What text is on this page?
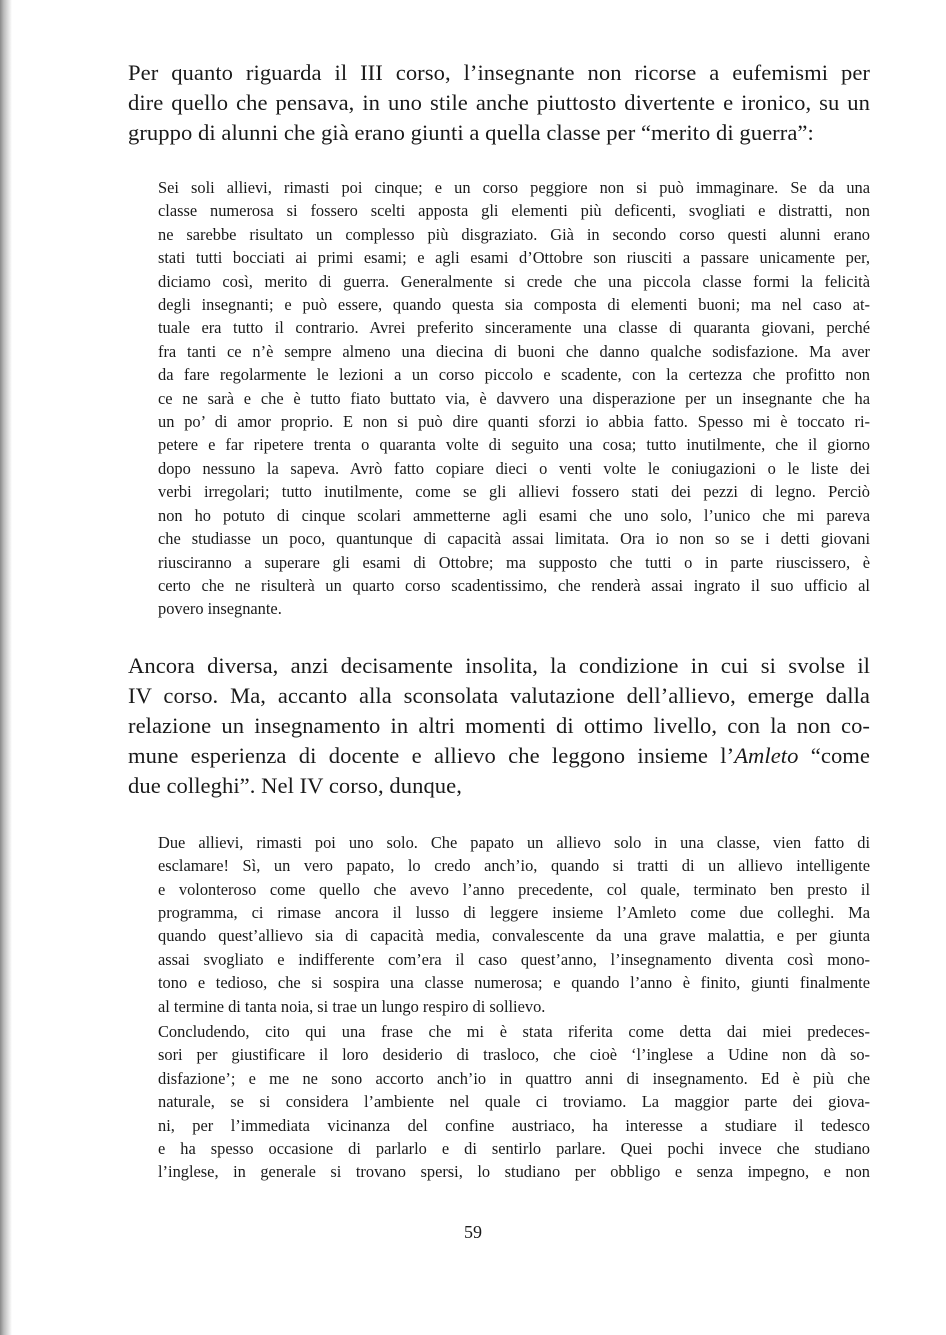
Per quanto riguarda il III corso, l’insegnante non ricorse a eufemismi per
dire quello che pensava, in uno stile anche piuttosto divertente e ironico, su un
gruppo di alunni che già erano giunti a quella classe per “merito di guerra”:

Sei soli allievi, rimasti poi cinque; e un corso peggiore non si può immaginare. Se da una
classe numerosa si fossero scelti apposta gli elementi più deficenti, svogliati e distratti, non
ne sarebbe risultato un complesso più disgraziato. Già in secondo corso questi alunni erano
stati tutti bocciati ai primi esami; e agli esami d’Ottobre son riusciti a passare unicamente per,
diciamo così, merito di guerra. Generalmente si crede che una piccola classe formi la felicità
degli insegnanti; e può essere, quando questa sia composta di elementi buoni; ma nel caso at-
tuale era tutto il contrario. Avrei preferito sinceramente una classe di quaranta giovani, perché
fra tanti ce n’è sempre almeno una diecina di buoni che danno qualche sodisfazione. Ma aver
da fare regolarmente le lezioni a un corso piccolo e scadente, con la certezza che profitto non
ce ne sarà e che è tutto fiato buttato via, è davvero una disperazione per un insegnante che ha
un po’ di amor proprio. E non si può dire quanti sforzi io abbia fatto. Spesso mi è toccato ri-
petere e far ripetere trenta o quaranta volte di seguito una cosa; tutto inutilmente, che il giorno
dopo nessuno la sapeva. Avrò fatto copiare dieci o venti volte le coniugazioni o le liste dei
verbi irregolari; tutto inutilmente, come se gli allievi fossero stati dei pezzi di legno. Perciò
non ho potuto di cinque scolari ammetterne agli esami che uno solo, l’unico che mi pareva
che studiasse un poco, quantunque di capacità assai limitata. Ora io non so se i detti giovani
riusciranno a superare gli esami di Ottobre; ma supposto che tutti o in parte riuscissero, è
certo che ne risulterà un quarto corso scadentissimo, che renderà assai ingrato il suo ufficio al
povero insegnante.

Ancora diversa, anzi decisamente insolita, la condizione in cui si svolse il
IV corso. Ma, accanto alla sconsolata valutazione dell’allievo, emerge dalla
relazione un insegnamento in altri momenti di ottimo livello, con la non co-
mune esperienza di docente e allievo che leggono insieme l’Amleto “come
due colleghi”. Nel IV corso, dunque,

Due allievi, rimasti poi uno solo. Che papato un allievo solo in una classe, vien fatto di
esclamare! Sì, un vero papato, lo credo anch’io, quando si tratti di un allievo intelligente
e volonteroso come quello che avevo l’anno precedente, col quale, terminato ben presto il
programma, ci rimase ancora il lusso di leggere insieme l’Amleto come due colleghi. Ma
quando quest’allievo sia di capacità media, convalescente da una grave malattia, e per giunta
assai svogliato e indifferente com’era il caso quest’anno, l’insegnamento diventa così mono-
tono e tedioso, che si sospira una classe numerosa; e quando l’anno è finito, giunti finalmente
al termine di tanta noia, si trae un lungo respiro di sollievo.

Concludendo, cito qui una frase che mi è stata riferita come detta dai miei predeces-
sori per giustificare il loro desiderio di trasloco, che cioè ‘l’inglese a Udine non dà so-
disfazione’; e me ne sono accorto anch’io in quattro anni di insegnamento. Ed è più che
naturale, se si considera l’ambiente nel quale ci troviamo. La maggior parte dei giova-
ni, per l’immediata vicinanza del confine austriaco, ha interesse a studiare il tedesco
e ha spesso occasione di parlarlo e di sentirlo parlare. Quei pochi invece che studiano
l’inglese, in generale si trovano spersi, lo studiano per obbligo e senza impegno, e non

59
